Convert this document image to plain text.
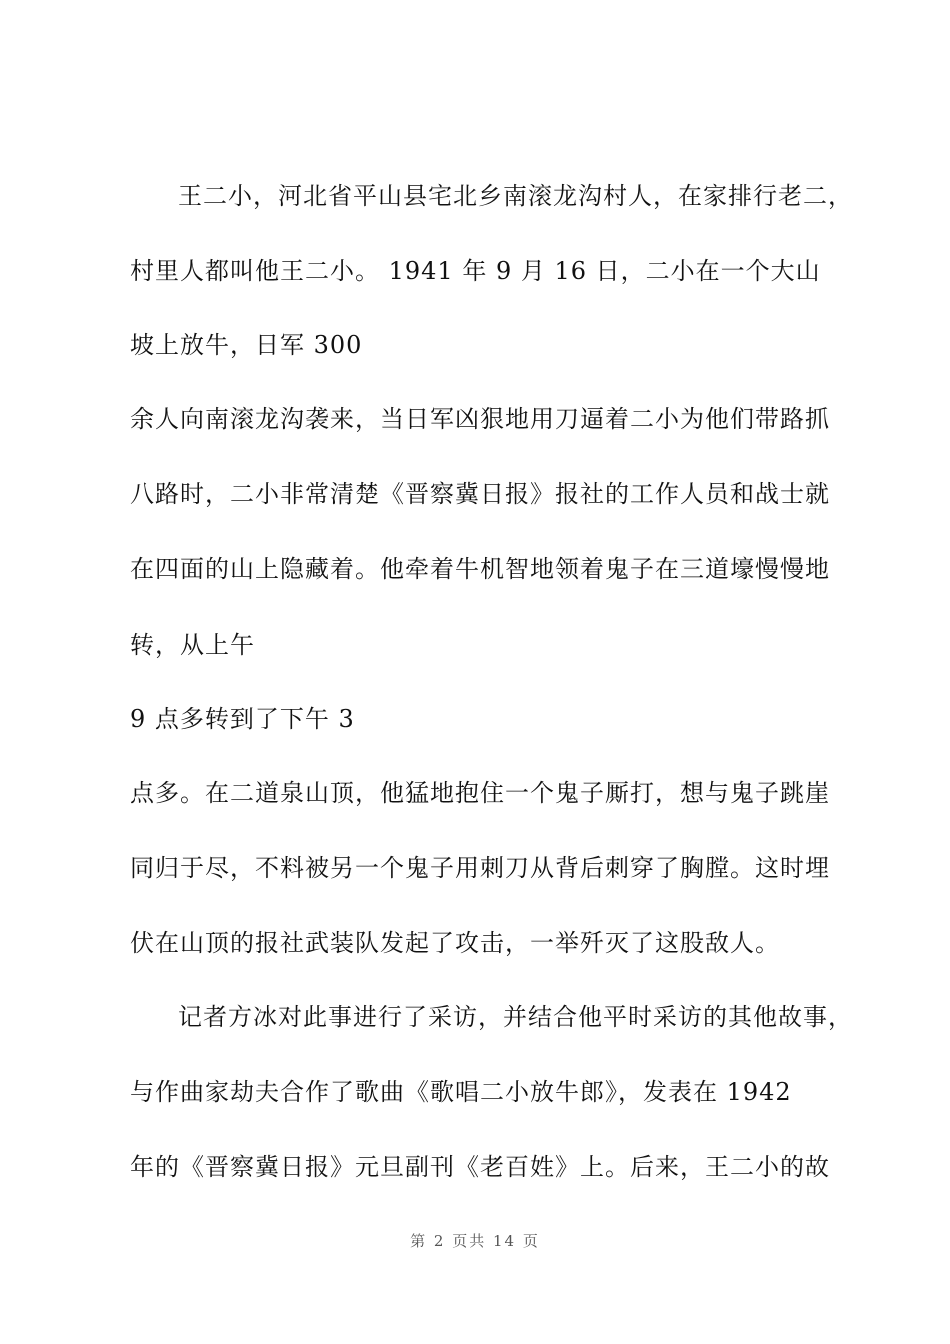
王二小，河北省平山县宅北乡南滚龙沟村人，在家排行老二，
村里人都叫他王二小。 1941 年 9 月 16 日，二小在一个大山
坡上放牛，日军 300
余人向南滚龙沟袭来，当日军凶狠地用刀逼着二小为他们带路抓
八路时，二小非常清楚《晋察冀日报》报社的工作人员和战士就
在四面的山上隐藏着。他牵着牛机智地领着鬼子在三道壕慢慢地
转，从上午
9 点多转到了下午 3
点多。在二道泉山顶，他猛地抱住一个鬼子厮打，想与鬼子跳崖
同归于尽，不料被另一个鬼子用刺刀从背后刺穿了胸膛。这时埋
伏在山顶的报社武装队发起了攻击，一举歼灭了这股敌人。
记者方冰对此事进行了采访，并结合他平时采访的其他故事，
与作曲家劫夫合作了歌曲《歌唱二小放牛郎》，发表在 1942
年的《晋察冀日报》元旦副刊《老百姓》上。后来，王二小的故
第 2 页共 14 页
